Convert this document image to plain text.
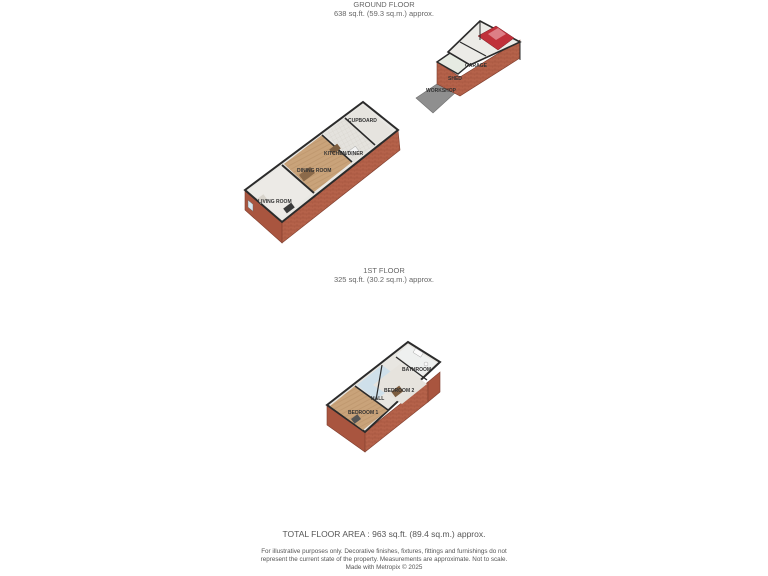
GROUND FLOOR
638 sq.ft. (59.3 sq.m.) approx.
1ST FLOOR
325 sq.ft. (30.2 sq.m.) approx.
LIVING ROOM
DINING ROOM
KITCHEN/DINER
CUPBOARD
GARAGE
SHED
WORKSHOP
BATHROOM
BEDROOM 2
HALL
BEDROOM 1
TOTAL FLOOR AREA : 963 sq.ft. (89.4 sq.m.) approx.
For illustrative purposes only. Decorative finishes, fixtures, fittings and furnishings do not
represent the current state of the property. Measurements are approximate. Not to scale.
Made with Metropix © 2025
